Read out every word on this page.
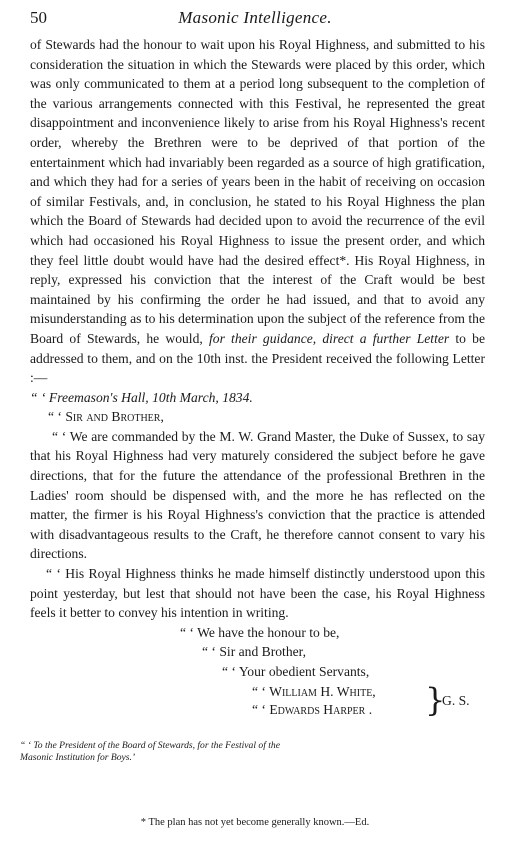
50	Masonic Intelligence.

of Stewards had the honour to wait upon his Royal Highness, and submitted to his consideration the situation in which the Stewards were placed by this order, which was only communicated to them at a period long subsequent to the completion of the various arrangements connected with this Festival, he represented the great disappointment and inconvenience likely to arise from his Royal Highness's recent order, whereby the Brethren were to be deprived of that portion of the entertainment which had invariably been regarded as a source of high gratification, and which they had for a series of years been in the habit of receiving on occasion of similar Festivals, and, in conclusion, he stated to his Royal Highness the plan which the Board of Stewards had decided upon to avoid the recurrence of the evil which had occasioned his Royal Highness to issue the present order, and which they feel little doubt would have had the desired effect*. His Royal Highness, in reply, expressed his conviction that the interest of the Craft would be best maintained by his confirming the order he had issued, and that to avoid any misunderstanding as to his determination upon the subject of the reference from the Board of Stewards, he would, for their guidance, direct a further Letter to be addressed to them, and on the 10th inst. the President received the following Letter :—

“ ‘ Freemason's Hall, 10th March, 1834.

“ ‘ Sir and Brother,

“ ‘ We are commanded by the M. W. Grand Master, the Duke of Sussex, to say that his Royal Highness had very maturely considered the subject before he gave directions, that for the future the attendance of the professional Brethren in the Ladies' room should be dispensed with, and the more he has reflected on the matter, the firmer is his Royal Highness's conviction that the practice is attended with disadvantageous results to the Craft, he therefore cannot consent to vary his directions.

“ ‘ His Royal Highness thinks he made himself distinctly understood upon this point yesterday, but lest that should not have been the case, his Royal Highness feels it better to convey his intention in writing.

“ ‘ We have the honour to be,

“ ‘ Sir and Brother,

“ ‘ Your obedient Servants,

“ ‘ William H. White,
“ ‘ Edwards Harper . }
G. S.
“ ‘ To the President of the Board of Stewards, for the Festival of the Masonic Institution for Boys.’
* The plan has not yet become generally known.—Ed.
